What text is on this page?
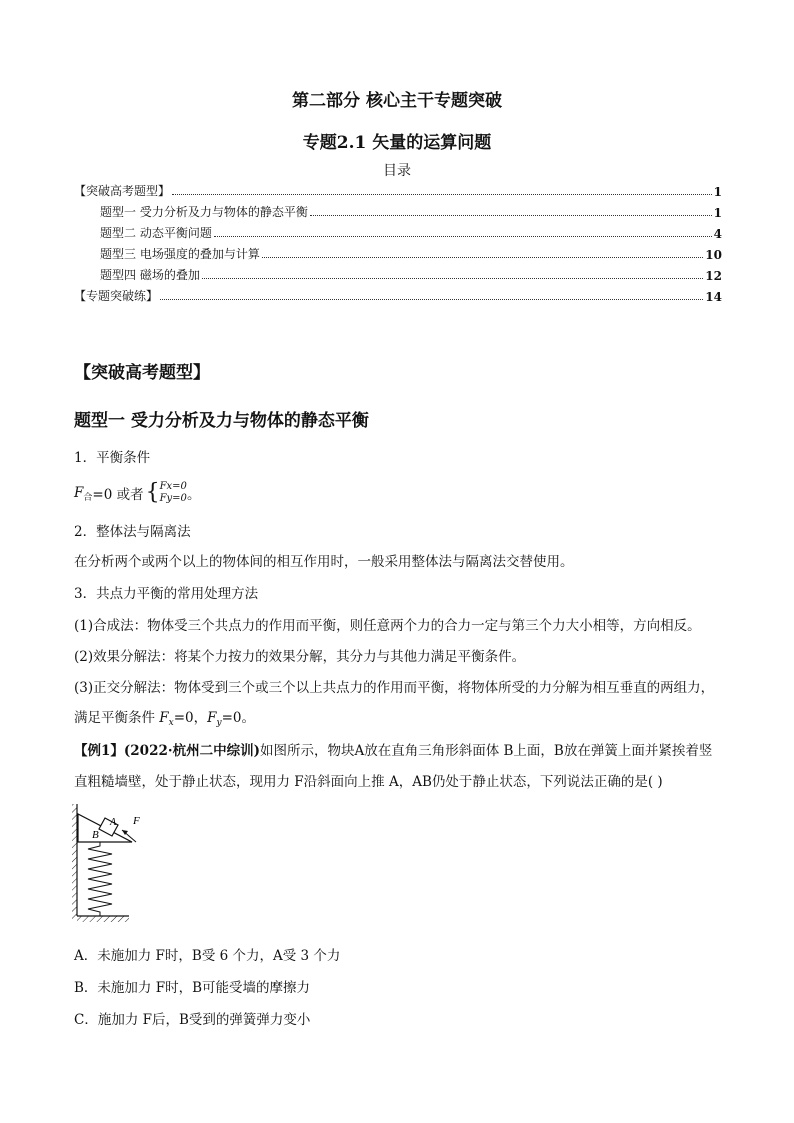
第二部分 核心主干专题突破
专题2.1 矢量的运算问题
目录
【突破高考题型】	1
题型一 受力分析及力与物体的静态平衡	1
题型二 动态平衡问题	4
题型三 电场强度的叠加与计算	10
题型四 磁场的叠加	12
【专题突破练】	14
【突破高考题型】
题型一 受力分析及力与物体的静态平衡
1．平衡条件
F 合 =0 或者 { Fx=0
Fy=0 。
2．整体法与隔离法
在分析两个或两个以上的物体间的相互作用时，一般采用整体法与隔离法交替使用。
3．共点力平衡的常用处理方法
(1)合成法：物体受三个共点力的作用而平衡，则任意两个力的合力一定与第三个力大小相等，方向相反。
(2)效果分解法：将某个力按力的效果分解，其分力与其他力满足平衡条件。
(3)正交分解法：物体受到三个或三个以上共点力的作用而平衡，将物体所受的力分解为相互垂直的两组力，
满足平衡条件 $F_x=0$，$F_y=0$。
【例1】(2022·杭州二中综训)如图所示，物块A放在直角三角形斜面体 B上面，B放在弹簧上面并紧挨着竖
直粗糙墙壁，处于静止状态，现用力 F沿斜面向上推 A，AB仍处于静止状态，下列说法正确的是( )
B
A F
A．未施加力 F时，B受 6 个力，A受 3 个力
B．未施加力 F时，B可能受墙的摩擦力
C．施加力 F后，B受到的弹簧弹力变小
